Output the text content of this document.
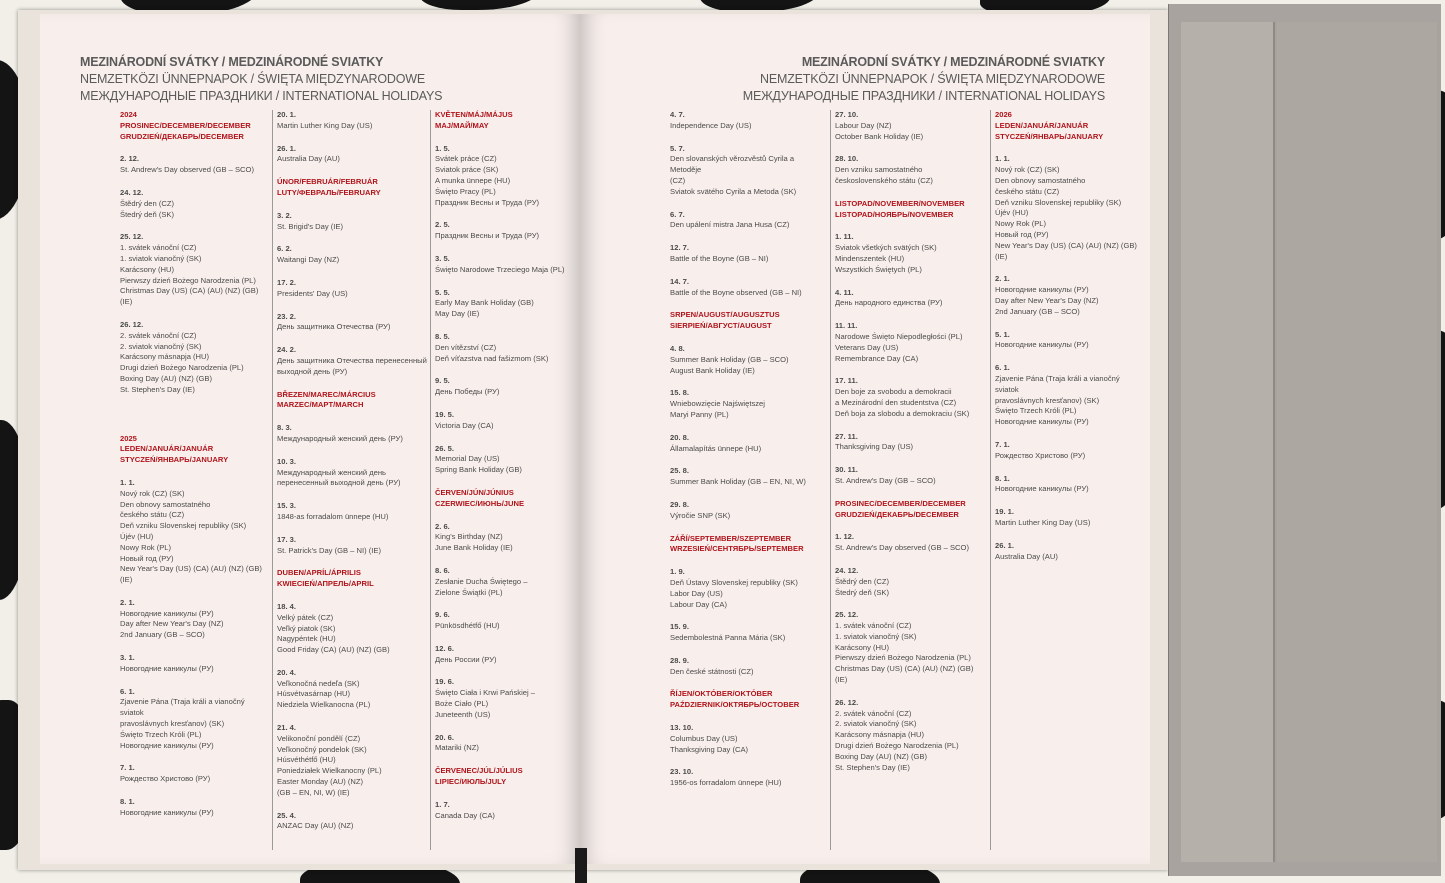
MEZINÁRODNÍ SVÁTKY / MEDZINÁRODNÉ SVIATKY
NEMZETKÖZI ÜNNEPNAPOK / ŚWIĘTA MIĘDZYNARODOWE
МЕЖДУНАРОДНЫЕ ПРАЗДНИКИ / INTERNATIONAL HOLIDAYS
2024
PROSINEC/DECEMBER/DECEMBER
GRUDZIEŃ/ДЕКАБРЬ/DECEMBER
2. 12.
St. Andrew's Day observed (GB – SCO)
24. 12.
Štědrý den (CZ)
Štedrý deň (SK)
25. 12.
1. svátek vánoční (CZ)
1. sviatok vianočný (SK)
Karácsony (HU)
Pierwszy dzień Bożego Narodzenia (PL)
Christmas Day (US) (CA) (AU) (NZ) (GB) (IE)
26. 12.
2. svátek vánoční (CZ)
2. sviatok vianočný (SK)
Karácsony másnapja (HU)
Drugi dzień Bożego Narodzenia (PL)
Boxing Day (AU) (NZ) (GB)
St. Stephen's Day (IE)
2025
LEDEN/JANUÁR/JANUÁR
STYCZEŃ/ЯНВАРЬ/JANUARY
1. 1.
Nový rok (CZ) (SK)
Den obnovy samostatného
českého státu (CZ)
Deň vzniku Slovenskej republiky (SK)
Újév (HU)
Nowy Rok (PL)
Новый год (РУ)
New Year's Day (US) (CA) (AU) (NZ) (GB) (IE)
2. 1.
Новогодние каникулы (РУ)
Day after New Year's Day (NZ)
2nd January (GB – SCO)
3. 1.
Новогодние каникулы (РУ)
6. 1.
Zjavenie Pána (Traja králi a vianočný sviatok
pravoslávnych kresťanov) (SK)
Święto Trzech Króli (PL)
Новогодние каникулы (РУ)
7. 1.
Рождество Христово (РУ)
8. 1.
Новогодние каникулы (РУ)
20. 1.
Martin Luther King Day (US)
26. 1.
Australia Day (AU)
ÚNOR/FEBRUÁR/FEBRUÁR
LUTY/ФЕВРАЛЬ/FEBRUARY
3. 2.
St. Brigid's Day (IE)
6. 2.
Waitangi Day (NZ)
17. 2.
Presidents' Day (US)
23. 2.
День защитника Отечества (РУ)
24. 2.
День защитника Отечества перенесенный
выходной день (РУ)
BŘEZEN/MAREC/MÁRCIUS
MARZEC/MAPT/MARCH
8. 3.
Международный женский день (РУ)
10. 3.
Международный женский день
перенесенный выходной день (РУ)
15. 3.
1848-as forradalom ünnepe (HU)
17. 3.
St. Patrick's Day (GB – NI) (IE)
DUBEN/APRÍL/ÁPRILIS
KWIECIEŃ/АПРЕЛЬ/APRIL
18. 4.
Velký pátek (CZ)
Veľký piatok (SK)
Nagypéntek (HU)
Good Friday (CA) (AU) (NZ) (GB)
20. 4.
Veľkonočná nedeľa (SK)
Húsvétvasárnap (HU)
Niedziela Wielkanocna (PL)
21. 4.
Velikonoční pondělí (CZ)
Veľkonočný pondelok (SK)
Húsvéthétfő (HU)
Poniedziałek Wielkanocny (PL)
Easter Monday (AU) (NZ)
(GB – EN, NI, W) (IE)
25. 4.
ANZAC Day (AU) (NZ)
KVĚTEN/MÁJ/MÁJUS
MAJ/МАЙ/MAY
1. 5.
Svátek práce (CZ)
Sviatok práce (SK)
A munka ünnepe (HU)
Święto Pracy (PL)
Праздник Весны и Труда (РУ)
2. 5.
Праздник Весны и Труда (РУ)
3. 5.
Święto Narodowe Trzeciego Maja (PL)
5. 5.
Early May Bank Holiday (GB)
May Day (IE)
8. 5.
Den vítězství (CZ)
Deň víťazstva nad fašizmom (SK)
9. 5.
День Победы (РУ)
19. 5.
Victoria Day (CA)
26. 5.
Memorial Day (US)
Spring Bank Holiday (GB)
ČERVEN/JÚN/JÚNIUS
CZERWIEC/ИЮНЬ/JUNE
2. 6.
King's Birthday (NZ)
June Bank Holiday (IE)
8. 6.
Zesłanie Ducha Świętego –
Zielone Świątki (PL)
9. 6.
Pünkösdhétfő (HU)
12. 6.
День России (РУ)
19. 6.
Święto Ciała i Krwi Pańskiej –
Boże Ciało (PL)
Juneteenth (US)
20. 6.
Matariki (NZ)
ČERVENEC/JÚL/JÚLIUS
LIPIEC/ИЮЛЬ/JULY
1. 7.
Canada Day (CA)
MEZINÁRODNÍ SVÁTKY / MEDZINÁRODNÉ SVIATKY
NEMZETKÖZI ÜNNEPNAPOK / ŚWIĘTA MIĘDZYNARODOWE
МЕЖДУНАРОДНЫЕ ПРАЗДНИКИ / INTERNATIONAL HOLIDAYS
4. 7.
Independence Day (US)
5. 7.
Den slovanských věrozvěstů Cyrila a Metoděje
(CZ)
Sviatok svätého Cyrila a Metoda (SK)
6. 7.
Den upálení mistra Jana Husa (CZ)
12. 7.
Battle of the Boyne (GB – NI)
14. 7.
Battle of the Boyne observed (GB – NI)
SRPEN/AUGUST/AUGUSZTUS
SIERPIEŃ/АВГУСТ/AUGUST
4. 8.
Summer Bank Holiday (GB – SCO)
August Bank Holiday (IE)
15. 8.
Wniebowzięcie Najświętszej
Maryi Panny (PL)
20. 8.
Államalapítás ünnepe (HU)
25. 8.
Summer Bank Holiday (GB – EN, NI, W)
29. 8.
Výročie SNP (SK)
ZÁŘÍ/SEPTEMBER/SZEPTEMBER
WRZESIEŃ/СЕНТЯБРЬ/SEPTEMBER
1. 9.
Deň Ústavy Slovenskej republiky (SK)
Labor Day (US)
Labour Day (CA)
15. 9.
Sedembolestná Panna Mária (SK)
28. 9.
Den české státnosti (CZ)
ŘÍJEN/OKTÓBER/OKTÓBER
PAŹDZIERNIK/ОКТЯБРЬ/OCTOBER
13. 10.
Columbus Day (US)
Thanksgiving Day (CA)
23. 10.
1956-os forradalom ünnepe (HU)
27. 10.
Labour Day (NZ)
October Bank Holiday (IE)
28. 10.
Den vzniku samostatného
československého státu (CZ)
LISTOPAD/NOVEMBER/NOVEMBER
LISTOPAD/НОЯБРЬ/NOVEMBER
1. 11.
Sviatok všetkých svätých (SK)
Mindenszentek (HU)
Wszystkich Świętych (PL)
4. 11.
День народного единства (РУ)
11. 11.
Narodowe Święto Niepodległości (PL)
Veterans Day (US)
Remembrance Day (CA)
17. 11.
Den boje za svobodu a demokracii
a Mezinárodní den studentstva (CZ)
Deň boja za slobodu a demokraciu (SK)
27. 11.
Thanksgiving Day (US)
30. 11.
St. Andrew's Day (GB – SCO)
PROSINEC/DECEMBER/DECEMBER
GRUDZIEŃ/ДЕКАБРЬ/DECEMBER
1. 12.
St. Andrew's Day observed (GB – SCO)
24. 12.
Štědrý den (CZ)
Štedrý deň (SK)
25. 12.
1. svátek vánoční (CZ)
1. sviatok vianočný (SK)
Karácsony (HU)
Pierwszy dzień Bożego Narodzenia (PL)
Christmas Day (US) (CA) (AU) (NZ) (GB) (IE)
26. 12.
2. svátek vánoční (CZ)
2. sviatok vianočný (SK)
Karácsony másnapja (HU)
Drugi dzień Bożego Narodzenia (PL)
Boxing Day (AU) (NZ) (GB)
St. Stephen's Day (IE)
2026
LEDEN/JANUÁR/JANUÁR
STYCZEŃ/ЯНВАРЬ/JANUARY
1. 1.
Nový rok (CZ) (SK)
Den obnovy samostatného
českého státu (CZ)
Deň vzniku Slovenskej republiky (SK)
Újév (HU)
Nowy Rok (PL)
Новый год (РУ)
New Year's Day (US) (CA) (AU) (NZ) (GB) (IE)
2. 1.
Новогодние каникулы (РУ)
Day after New Year's Day (NZ)
2nd January (GB – SCO)
5. 1.
Новогодние каникулы (РУ)
6. 1.
Zjavenie Pána (Traja králi a vianočný sviatok
pravoslávnych kresťanov) (SK)
Święto Trzech Króli (PL)
Новогодние каникулы (РУ)
7. 1.
Рождество Христово (РУ)
8. 1.
Новогодние каникулы (РУ)
19. 1.
Martin Luther King Day (US)
26. 1.
Australia Day (AU)
